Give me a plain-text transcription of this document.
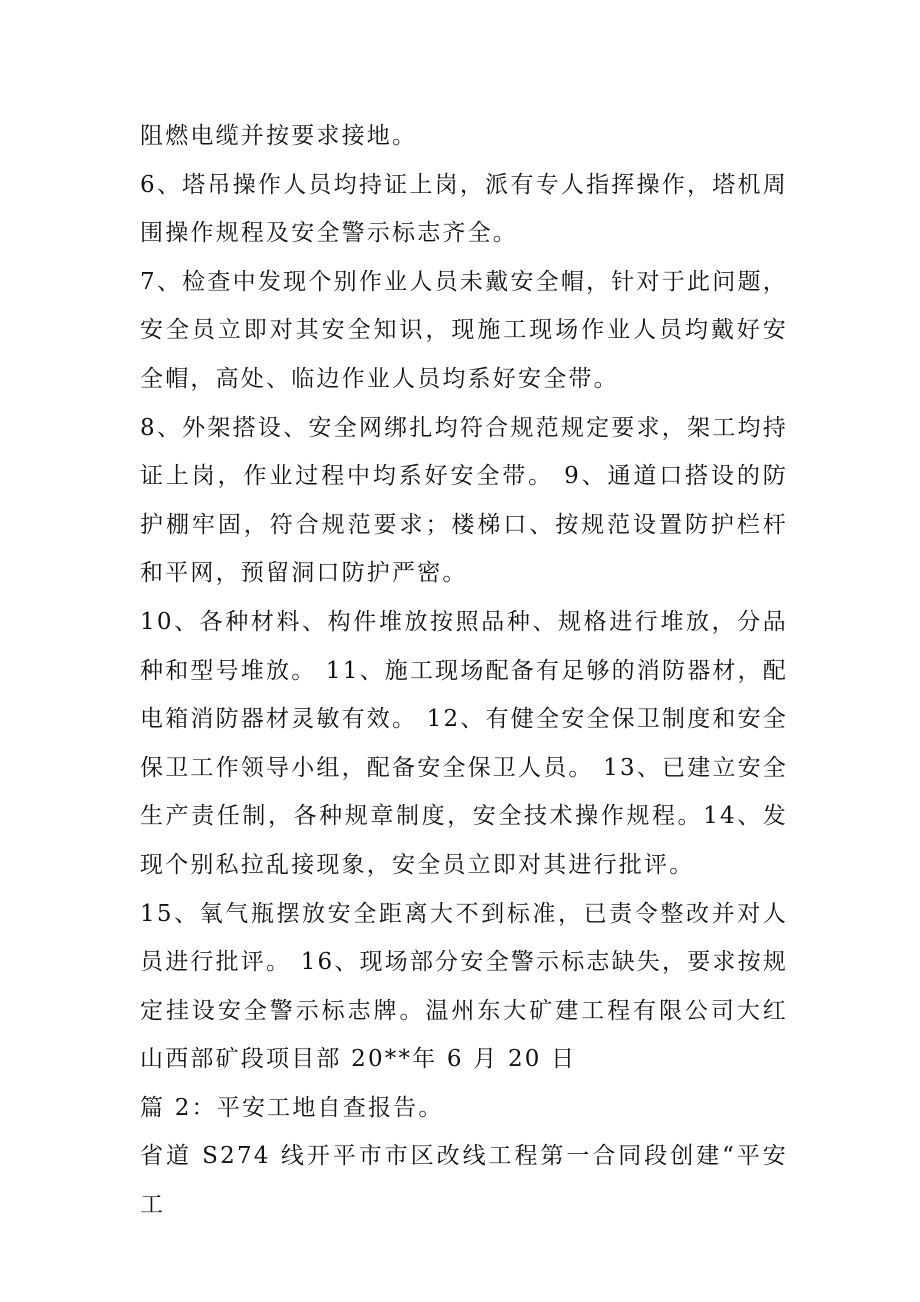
阻燃电缆并按要求接地。

6、塔吊操作人员均持证上岗，派有专人指挥操作，塔机周围操作规程及安全警示标志齐全。

7、检查中发现个别作业人员未戴安全帽，针对于此问题，安全员立即对其安全知识，现施工现场作业人员均戴好安全帽，高处、临边作业人员均系好安全带。

8、外架搭设、安全网绑扎均符合规范规定要求，架工均持证上岗，作业过程中均系好安全带。 9、通道口搭设的防护棚牢固，符合规范要求；楼梯口、按规范设置防护栏杆和平网，预留洞口防护严密。

10、各种材料、构件堆放按照品种、规格进行堆放，分品种和型号堆放。 11、施工现场配备有足够的消防器材，配电箱消防器材灵敏有效。 12、有健全安全保卫制度和安全保卫工作领导小组，配备安全保卫人员。 13、已建立安全生产责任制，各种规章制度，安全技术操作规程。14、发现个别私拉乱接现象，安全员立即对其进行批评。

15、氧气瓶摆放安全距离大不到标准，已责令整改并对人员进行批评。 16、现场部分安全警示标志缺失，要求按规定挂设安全警示标志牌。温州东大矿建工程有限公司大红山西部矿段项目部 20**年 6 月 20 日

篇 2：平安工地自查报告。

省道 S274 线开平市市区改线工程第一合同段创建“平安工
